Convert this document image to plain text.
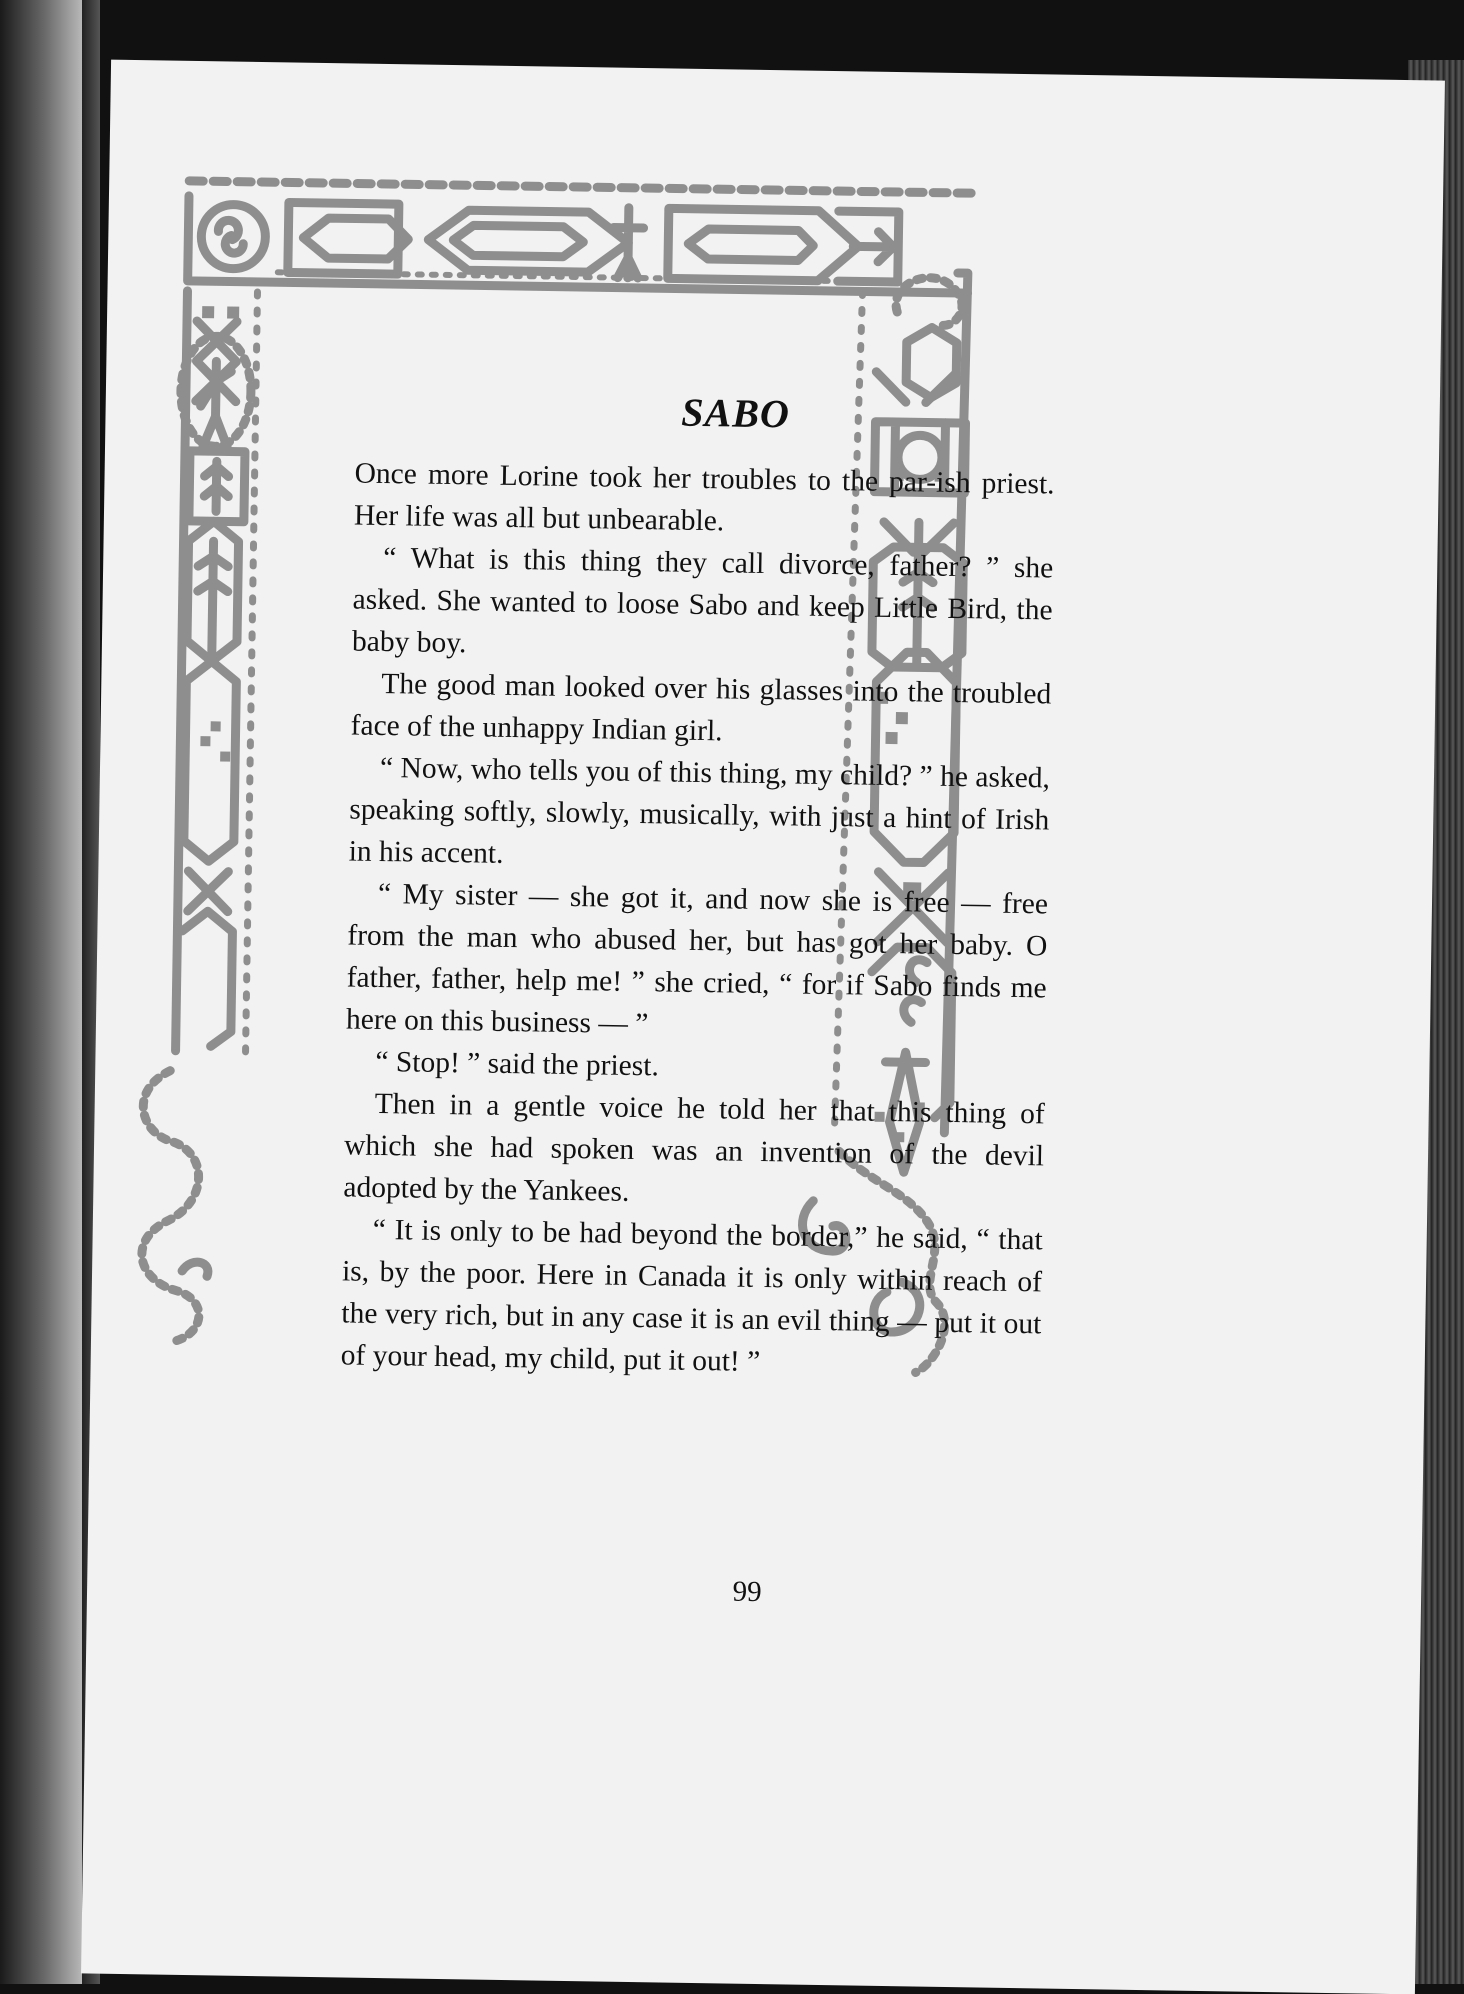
SABO

Once more Lorine took her troubles to the par-ish priest. Her life was all but unbearable.

“ What is this thing they call divorce, father? ” she asked. She wanted to loose Sabo and keep Little Bird, the baby boy.

The good man looked over his glasses into the troubled face of the unhappy Indian girl.

“ Now, who tells you of this thing, my child? ” he asked, speaking softly, slowly, musically, with just a hint of Irish in his accent.

“ My sister — she got it, and now she is free — free from the man who abused her, but has got her baby. O father, father, help me! ” she cried, “ for if Sabo finds me here on this business — ”

“ Stop! ” said the priest.

Then in a gentle voice he told her that this thing of which she had spoken was an invention of the devil adopted by the Yankees.

“ It is only to be had beyond the border,” he said, “ that is, by the poor. Here in Canada it is only within reach of the very rich, but in any case it is an evil thing — put it out of your head, my child, put it out! ”

99
